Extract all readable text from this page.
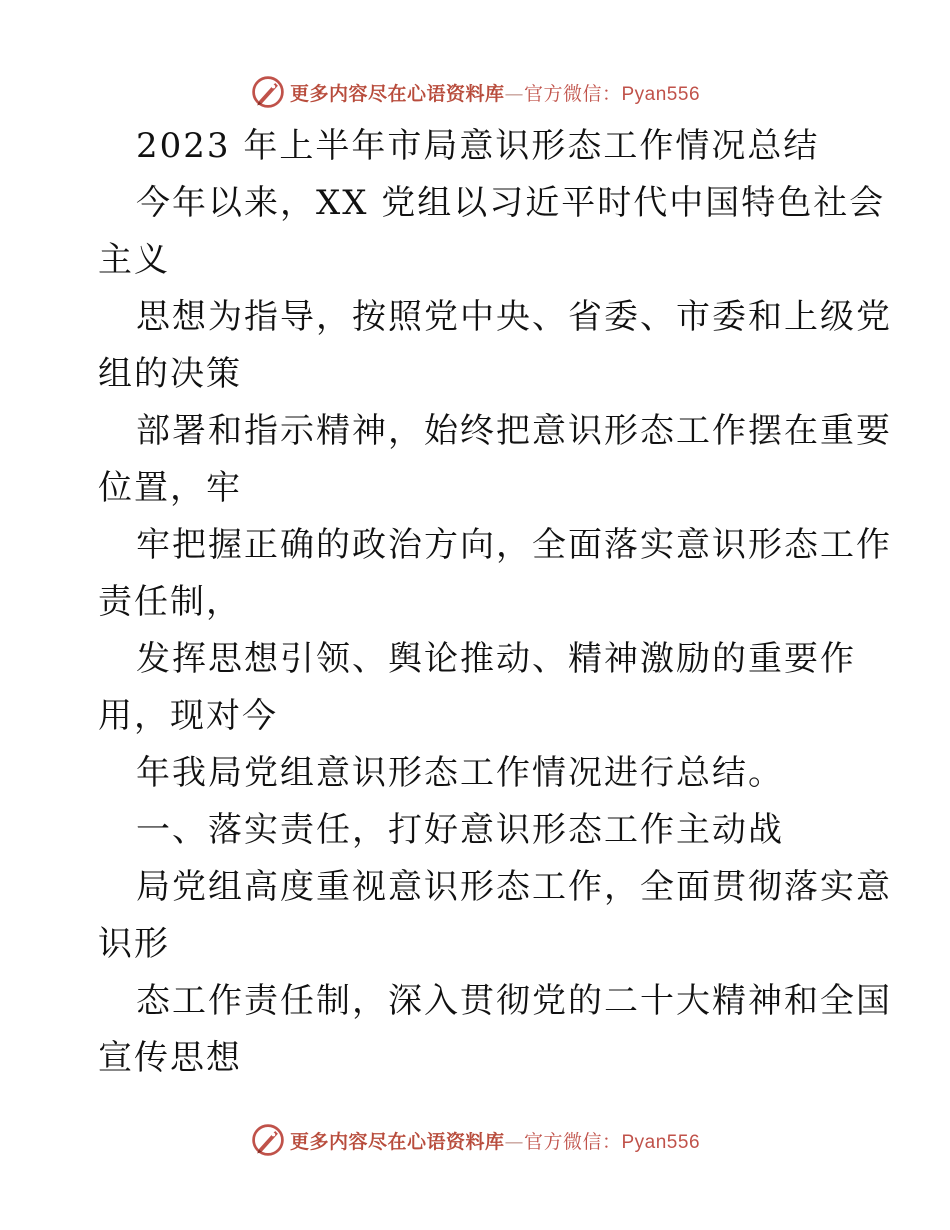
更多内容尽在心语资料库—官方微信：Pyan556
2023 年上半年市局意识形态工作情况总结
今年以来，XX 党组以习近平时代中国特色社会
主义
思想为指导，按照党中央、省委、市委和上级党
组的决策
部署和指示精神，始终把意识形态工作摆在重要
位置，牢
牢把握正确的政治方向，全面落实意识形态工作
责任制，
发挥思想引领、舆论推动、精神激励的重要作
用，现对今
年我局党组意识形态工作情况进行总结。
一、落实责任，打好意识形态工作主动战
局党组高度重视意识形态工作，全面贯彻落实意
识形
态工作责任制，深入贯彻党的二十大精神和全国
宣传思想
更多内容尽在心语资料库—官方微信：Pyan556
